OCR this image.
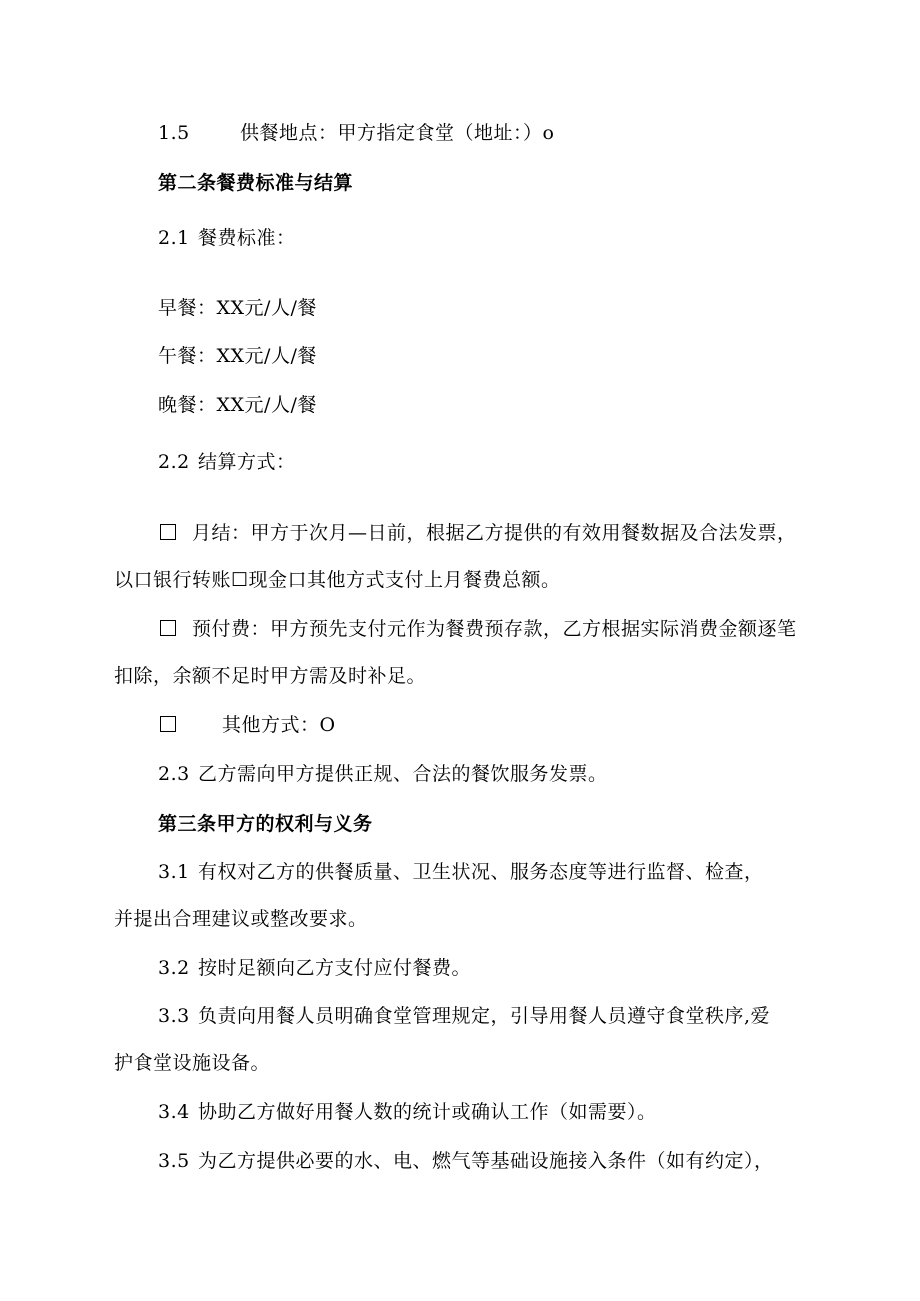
1.5	供餐地点：甲方指定食堂（地址：）o
第二条餐费标准与结算
2.1 餐费标准：
早餐：XX元/人/餐
午餐：XX元/人/餐
晚餐：XX元/人/餐
2.2 结算方式：
月结：甲方于次月—日前，根据乙方提供的有效用餐数据及合法发票，
以口银行转账☐现金口其他方式支付上月餐费总额。
预付费：甲方预先支付元作为餐费预存款，乙方根据实际消费金额逐笔
扣除，余额不足时甲方需及时补足。
其他方式：O
2.3 乙方需向甲方提供正规、合法的餐饮服务发票。
第三条甲方的权利与义务
3.1 有权对乙方的供餐质量、卫生状况、服务态度等进行监督、检查，
并提出合理建议或整改要求。
3.2 按时足额向乙方支付应付餐费。
3.3 负责向用餐人员明确食堂管理规定，引导用餐人员遵守食堂秩序,爱
护食堂设施设备。
3.4 协助乙方做好用餐人数的统计或确认工作（如需要）。
3.5 为乙方提供必要的水、电、燃气等基础设施接入条件（如有约定），
